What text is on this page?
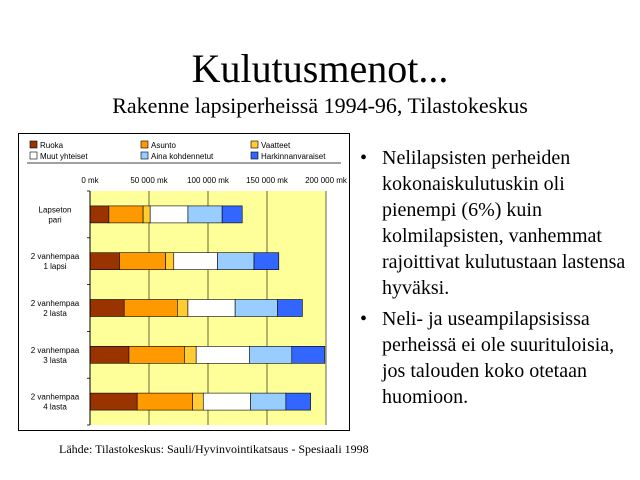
Kulutusmenot...
Rakenne lapsiperheissä 1994-96, Tilastokeskus
Ruoka	Asunto	Vaatteet
Muut yhteiset	Aina kohdennetut	Harkinnanvaraiset
0 mk	50 000 mk 100 000 mk 150 000 mk 200 000 mk
Lapseton
pari
2 vanhempaa
1 lapsi
2 vanhempaa
2 lasta
2 vanhempaa
3 lasta
2 vanhempaa
4 lasta
• Nelilapsisten perheiden kokonaiskulutuskin oli pienempi (6%) kuin kolmilapsisten, vanhemmat rajoittivat kulutustaan lastensa hyväksi.
• Neli- ja useampilapsisissa perheissä ei ole suurituloisia, jos talouden koko otetaan huomioon.
Lähde: Tilastokeskus: Sauli/Hyvinvointikatsaus - Spesiaali 1998
